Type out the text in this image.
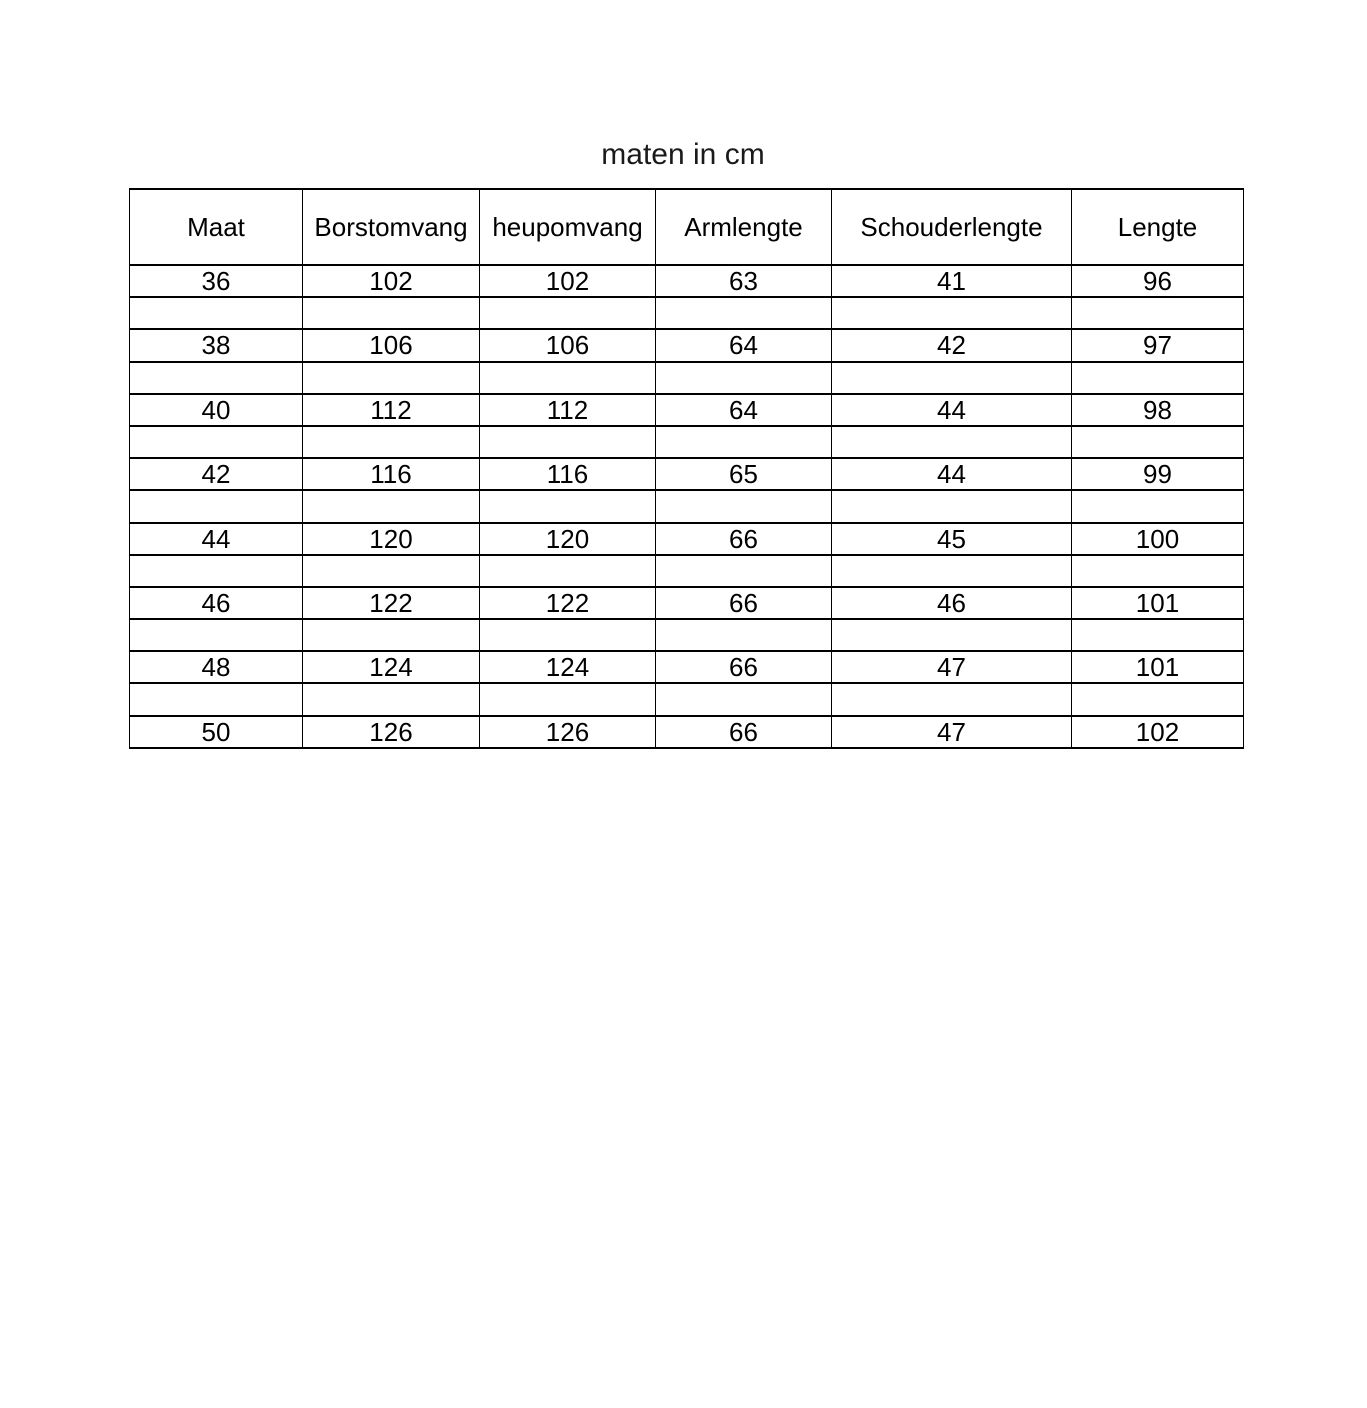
maten in cm
Maat	Borstomvang	heupomvang	Armlengte	Schouderlengte	Lengte
36	102	102	63	41	96

38	106	106	64	42	97

40	112	112	64	44	98

42	116	116	65	44	99

44	120	120	66	45	100

46	122	122	66	46	101

48	124	124	66	47	101

50	126	126	66	47	102
